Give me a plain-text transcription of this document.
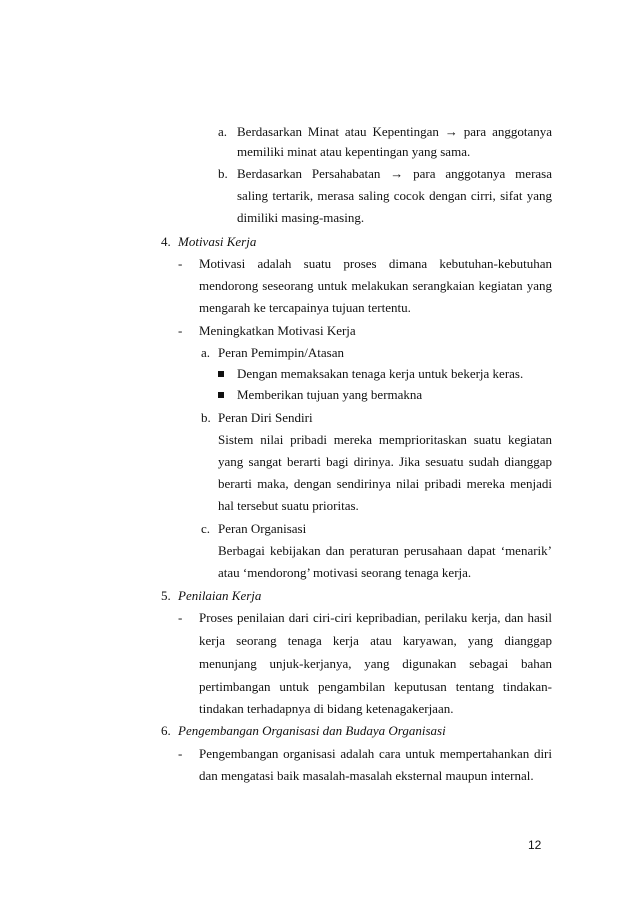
a. Berdasarkan Minat atau Kepentingan → para anggotanya
memiliki minat atau kepentingan yang sama.
b. Berdasarkan Persahabatan → para anggotanya merasa
saling tertarik, merasa saling cocok dengan cirri, sifat yang
dimiliki masing-masing.
4. Motivasi Kerja
- Motivasi adalah suatu proses dimana kebutuhan-kebutuhan
mendorong seseorang untuk melakukan serangkaian kegiatan yang
mengarah ke tercapainya tujuan tertentu.
- Meningkatkan Motivasi Kerja
a. Peran Pemimpin/Atasan
Dengan memaksakan tenaga kerja untuk bekerja keras.
Memberikan tujuan yang bermakna
b. Peran Diri Sendiri
Sistem nilai pribadi mereka memprioritaskan suatu kegiatan
yang sangat berarti bagi dirinya. Jika sesuatu sudah dianggap
berarti maka, dengan sendirinya nilai pribadi mereka menjadi
hal tersebut suatu prioritas.
c. Peran Organisasi
Berbagai kebijakan dan peraturan perusahaan dapat ‘menarik’
atau ‘mendorong’ motivasi seorang tenaga kerja.
5. Penilaian Kerja
- Proses penilaian dari ciri-ciri kepribadian, perilaku kerja, dan hasil
kerja seorang tenaga kerja atau karyawan, yang dianggap
menunjang unjuk-kerjanya, yang digunakan sebagai bahan
pertimbangan untuk pengambilan keputusan tentang tindakan-
tindakan terhadapnya di bidang ketenagakerjaan.
6. Pengembangan Organisasi dan Budaya Organisasi
- Pengembangan organisasi adalah cara untuk mempertahankan diri
dan mengatasi baik masalah-masalah eksternal maupun internal.
12
